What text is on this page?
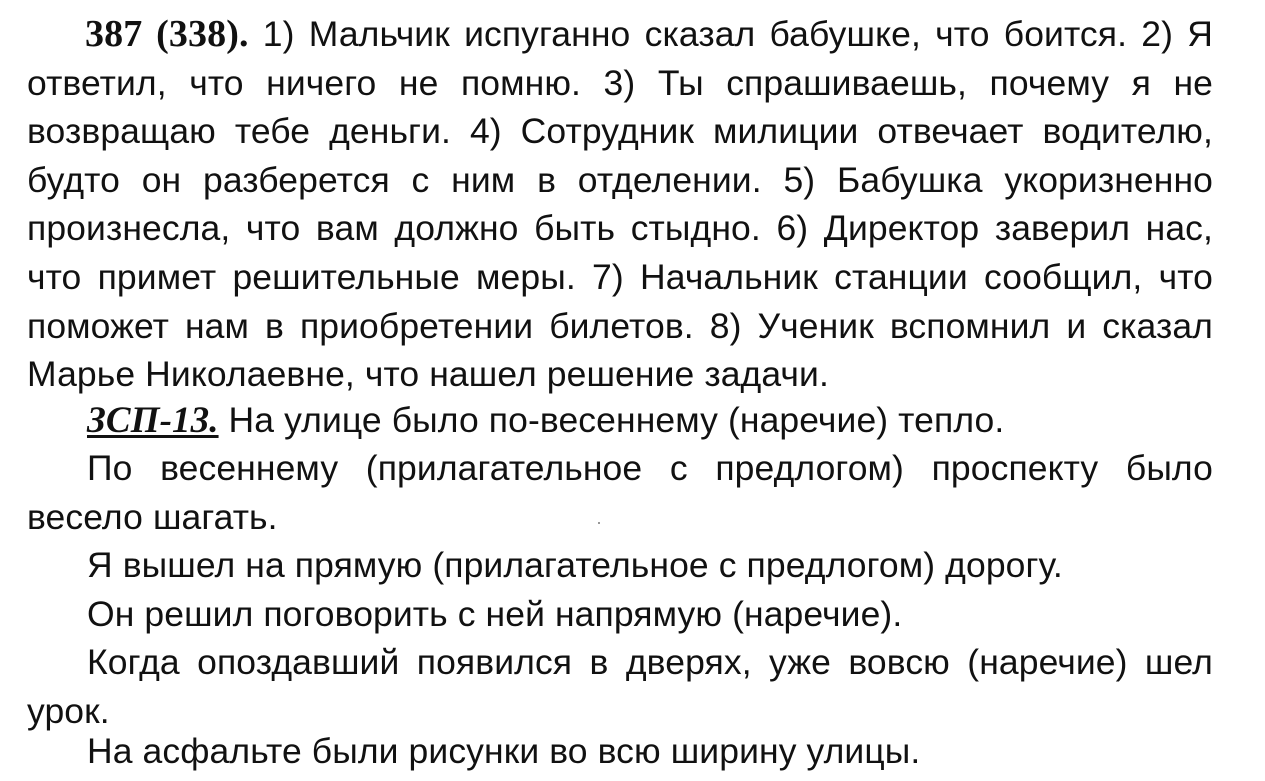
387 (338). 1) Мальчик испуганно сказал бабушке, что боится. 2) Я ответил, что ничего не помню. 3) Ты спрашиваешь, почему я не возвращаю тебе деньги. 4) Сотрудник милиции отвечает водителю, будто он разберется с ним в отделении. 5) Бабушка укоризненно произнесла, что вам должно быть стыдно. 6) Директор заверил нас, что примет решительные меры. 7) Начальник станции сообщил, что поможет нам в приобретении билетов. 8) Ученик вспомнил и сказал Марье Николаевне, что нашел решение задачи.

ЗСП-13. На улице было по-весеннему (наречие) тепло.

По весеннему (прилагательное с предлогом) проспекту было весело шагать.

Я вышел на прямую (прилагательное с предлогом) дорогу.

Он решил поговорить с ней напрямую (наречие).

Когда опоздавший появился в дверях, уже вовсю (наречие) шел урок.

На асфальте были рисунки во всю ширину улицы.
